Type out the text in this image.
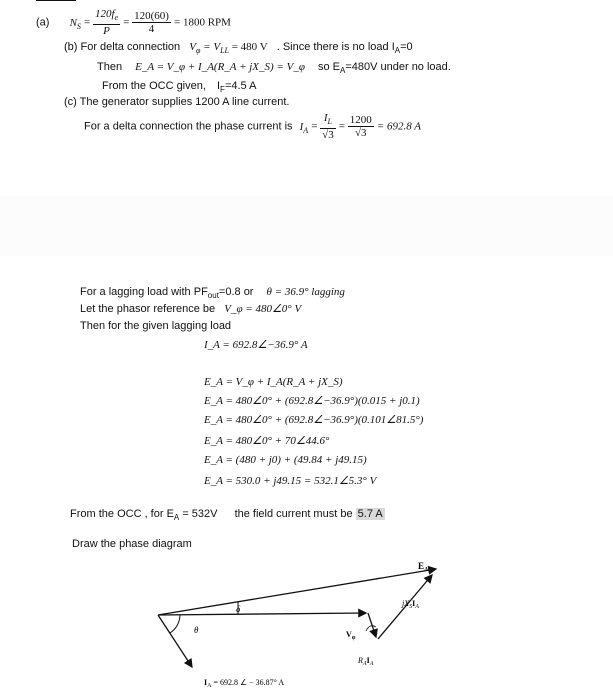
(a) $N_S = \frac{120f_e}{P} = \frac{120(60)}{4} = 1800$ RPM
(b) For delta connection $V_\varphi = V_{LL} = 480$ V . Since there is no load $I_A=0$
Then E_A = V_φ + I_A(R_A + jX_S) = V_φ so $E_A=480V$ under no load.
From the OCC given, $I_F=4.5$ A
(c) The generator supplies 1200 A line current.
For a delta connection the phase current is $I_A = \frac{I_L}{√3} = \frac{1200}{√3} = 692.8$ A
For a lagging load with $PF_{out}=0.8$ or θ = 36.9° lagging
Let the phasor reference be V_φ = 480∠0° V
Then for the given lagging load
I_A = 692.8∠−36.9° A
E_A = V_φ + I_A(R_A + jX_S)
E_A = 480∠0° + (692.8∠−36.9°)(0.015 + j0.1)
E_A = 480∠0° + (692.8∠−36.9°)(0.101∠81.5°)
E_A = 480∠0° + 70∠44.6°
E_A = (480 + j0) + (49.84 + j49.15)
E_A = 530.0 + j49.15 = 532.1∠5.3° V
From the OCC , for $E_A = 532V$ the field current must be 5.7 A
Draw the phase diagram
$E_A$
$jX_SI_A$
δ
θ	$V_\varphi$
$R_AI_A$
$I_A = 692.8$ ∠ − 36.87° A
